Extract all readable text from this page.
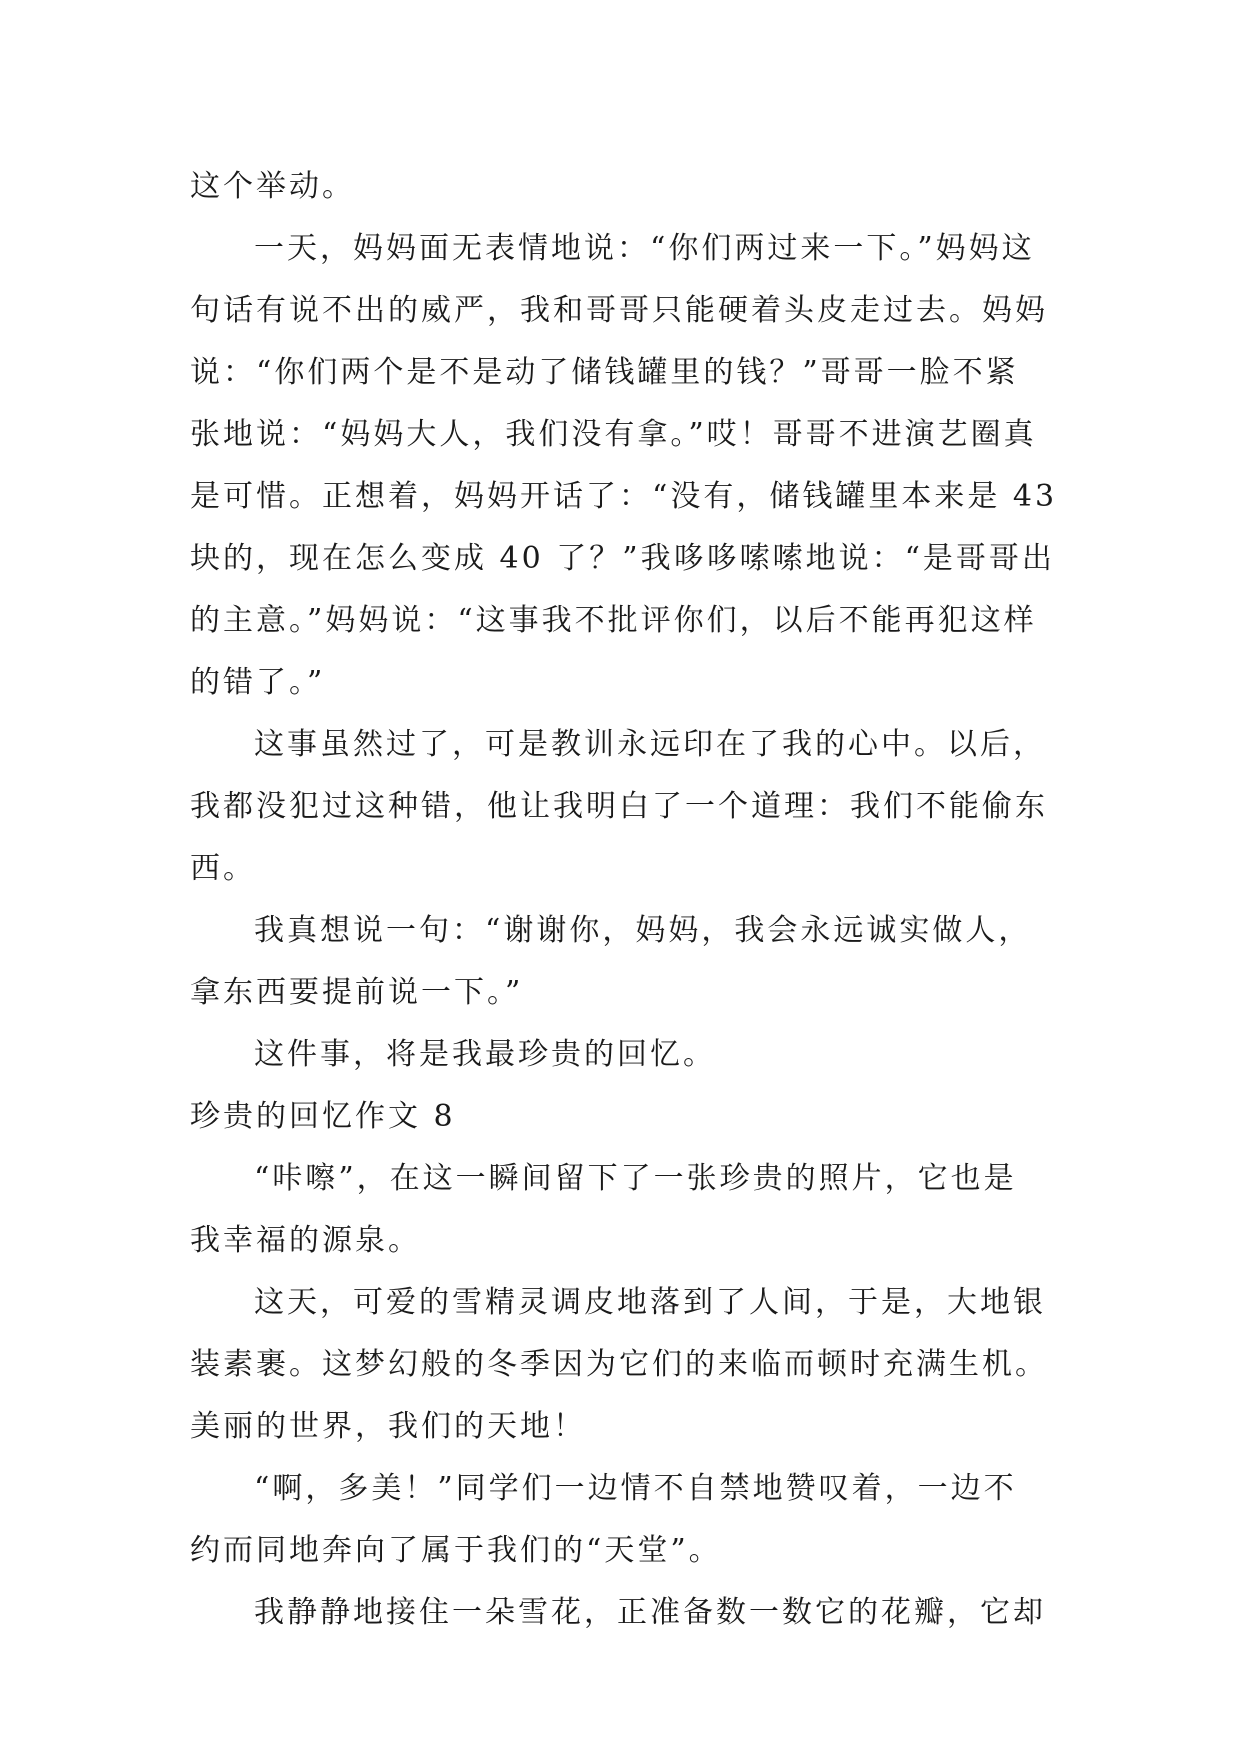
这个举动。
一天，妈妈面无表情地说：“你们两过来一下。”妈妈这
句话有说不出的威严，我和哥哥只能硬着头皮走过去。妈妈
说：“你们两个是不是动了储钱罐里的钱？”哥哥一脸不紧
张地说：“妈妈大人，我们没有拿。”哎！哥哥不进演艺圈真
是可惜。正想着，妈妈开话了：“没有，储钱罐里本来是 43
块的，现在怎么变成 40 了？”我哆哆嗦嗦地说：“是哥哥出
的主意。”妈妈说：“这事我不批评你们，以后不能再犯这样
的错了。”
这事虽然过了，可是教训永远印在了我的心中。以后，
我都没犯过这种错，他让我明白了一个道理：我们不能偷东
西。
我真想说一句：“谢谢你，妈妈，我会永远诚实做人，
拿东西要提前说一下。”
这件事，将是我最珍贵的回忆。
珍贵的回忆作文 8
“咔嚓”，在这一瞬间留下了一张珍贵的照片，它也是
我幸福的源泉。
这天，可爱的雪精灵调皮地落到了人间，于是，大地银
装素裹。这梦幻般的冬季因为它们的来临而顿时充满生机。
美丽的世界，我们的天地！
“啊，多美！”同学们一边情不自禁地赞叹着，一边不
约而同地奔向了属于我们的“天堂”。
我静静地接住一朵雪花，正准备数一数它的花瓣，它却
